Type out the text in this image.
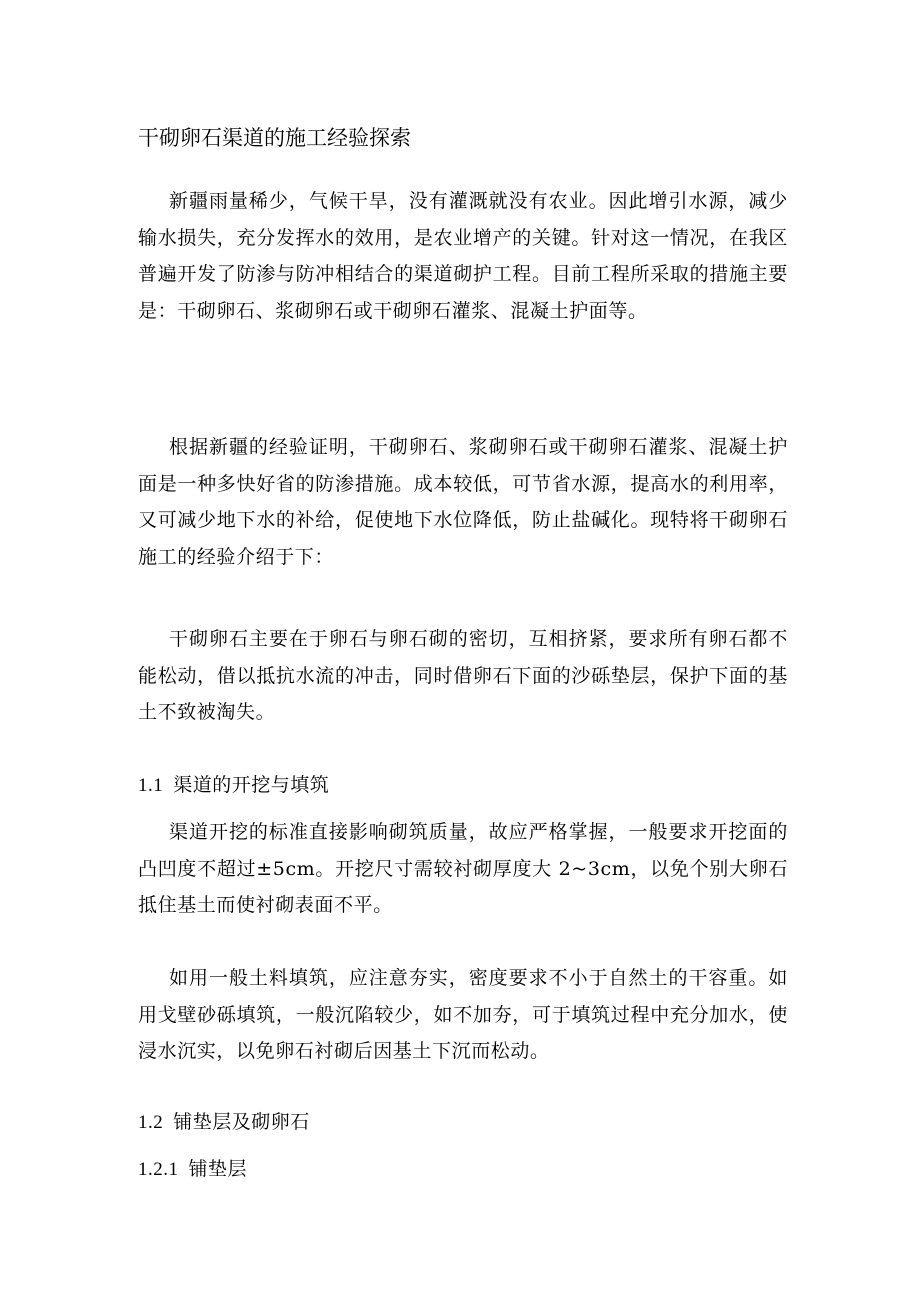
干砌卵石渠道的施工经验探索

新疆雨量稀少，气候干旱，没有灌溉就没有农业。因此增引水源，减少输水损失，充分发挥水的效用，是农业增产的关键。针对这一情况，在我区普遍开发了防渗与防冲相结合的渠道砌护工程。目前工程所采取的措施主要是：干砌卵石、浆砌卵石或干砌卵石灌浆、混凝土护面等。

根据新疆的经验证明，干砌卵石、浆砌卵石或干砌卵石灌浆、混凝土护面是一种多快好省的防渗措施。成本较低，可节省水源，提高水的利用率，又可减少地下水的补给，促使地下水位降低，防止盐碱化。现特将干砌卵石施工的经验介绍于下：

干砌卵石主要在于卵石与卵石砌的密切，互相挤紧，要求所有卵石都不能松动，借以抵抗水流的冲击，同时借卵石下面的沙砾垫层，保护下面的基土不致被淘失。

1.1 渠道的开挖与填筑

渠道开挖的标准直接影响砌筑质量，故应严格掌握，一般要求开挖面的凸凹度不超过±5cm。开挖尺寸需较衬砌厚度大 2~3cm，以免个别大卵石抵住基土而使衬砌表面不平。

如用一般土料填筑，应注意夯实，密度要求不小于自然土的干容重。如用戈壁砂砾填筑，一般沉陷较少，如不加夯，可于填筑过程中充分加水，使浸水沉实，以免卵石衬砌后因基土下沉而松动。

1.2 铺垫层及砌卵石
1.2.1 铺垫层
